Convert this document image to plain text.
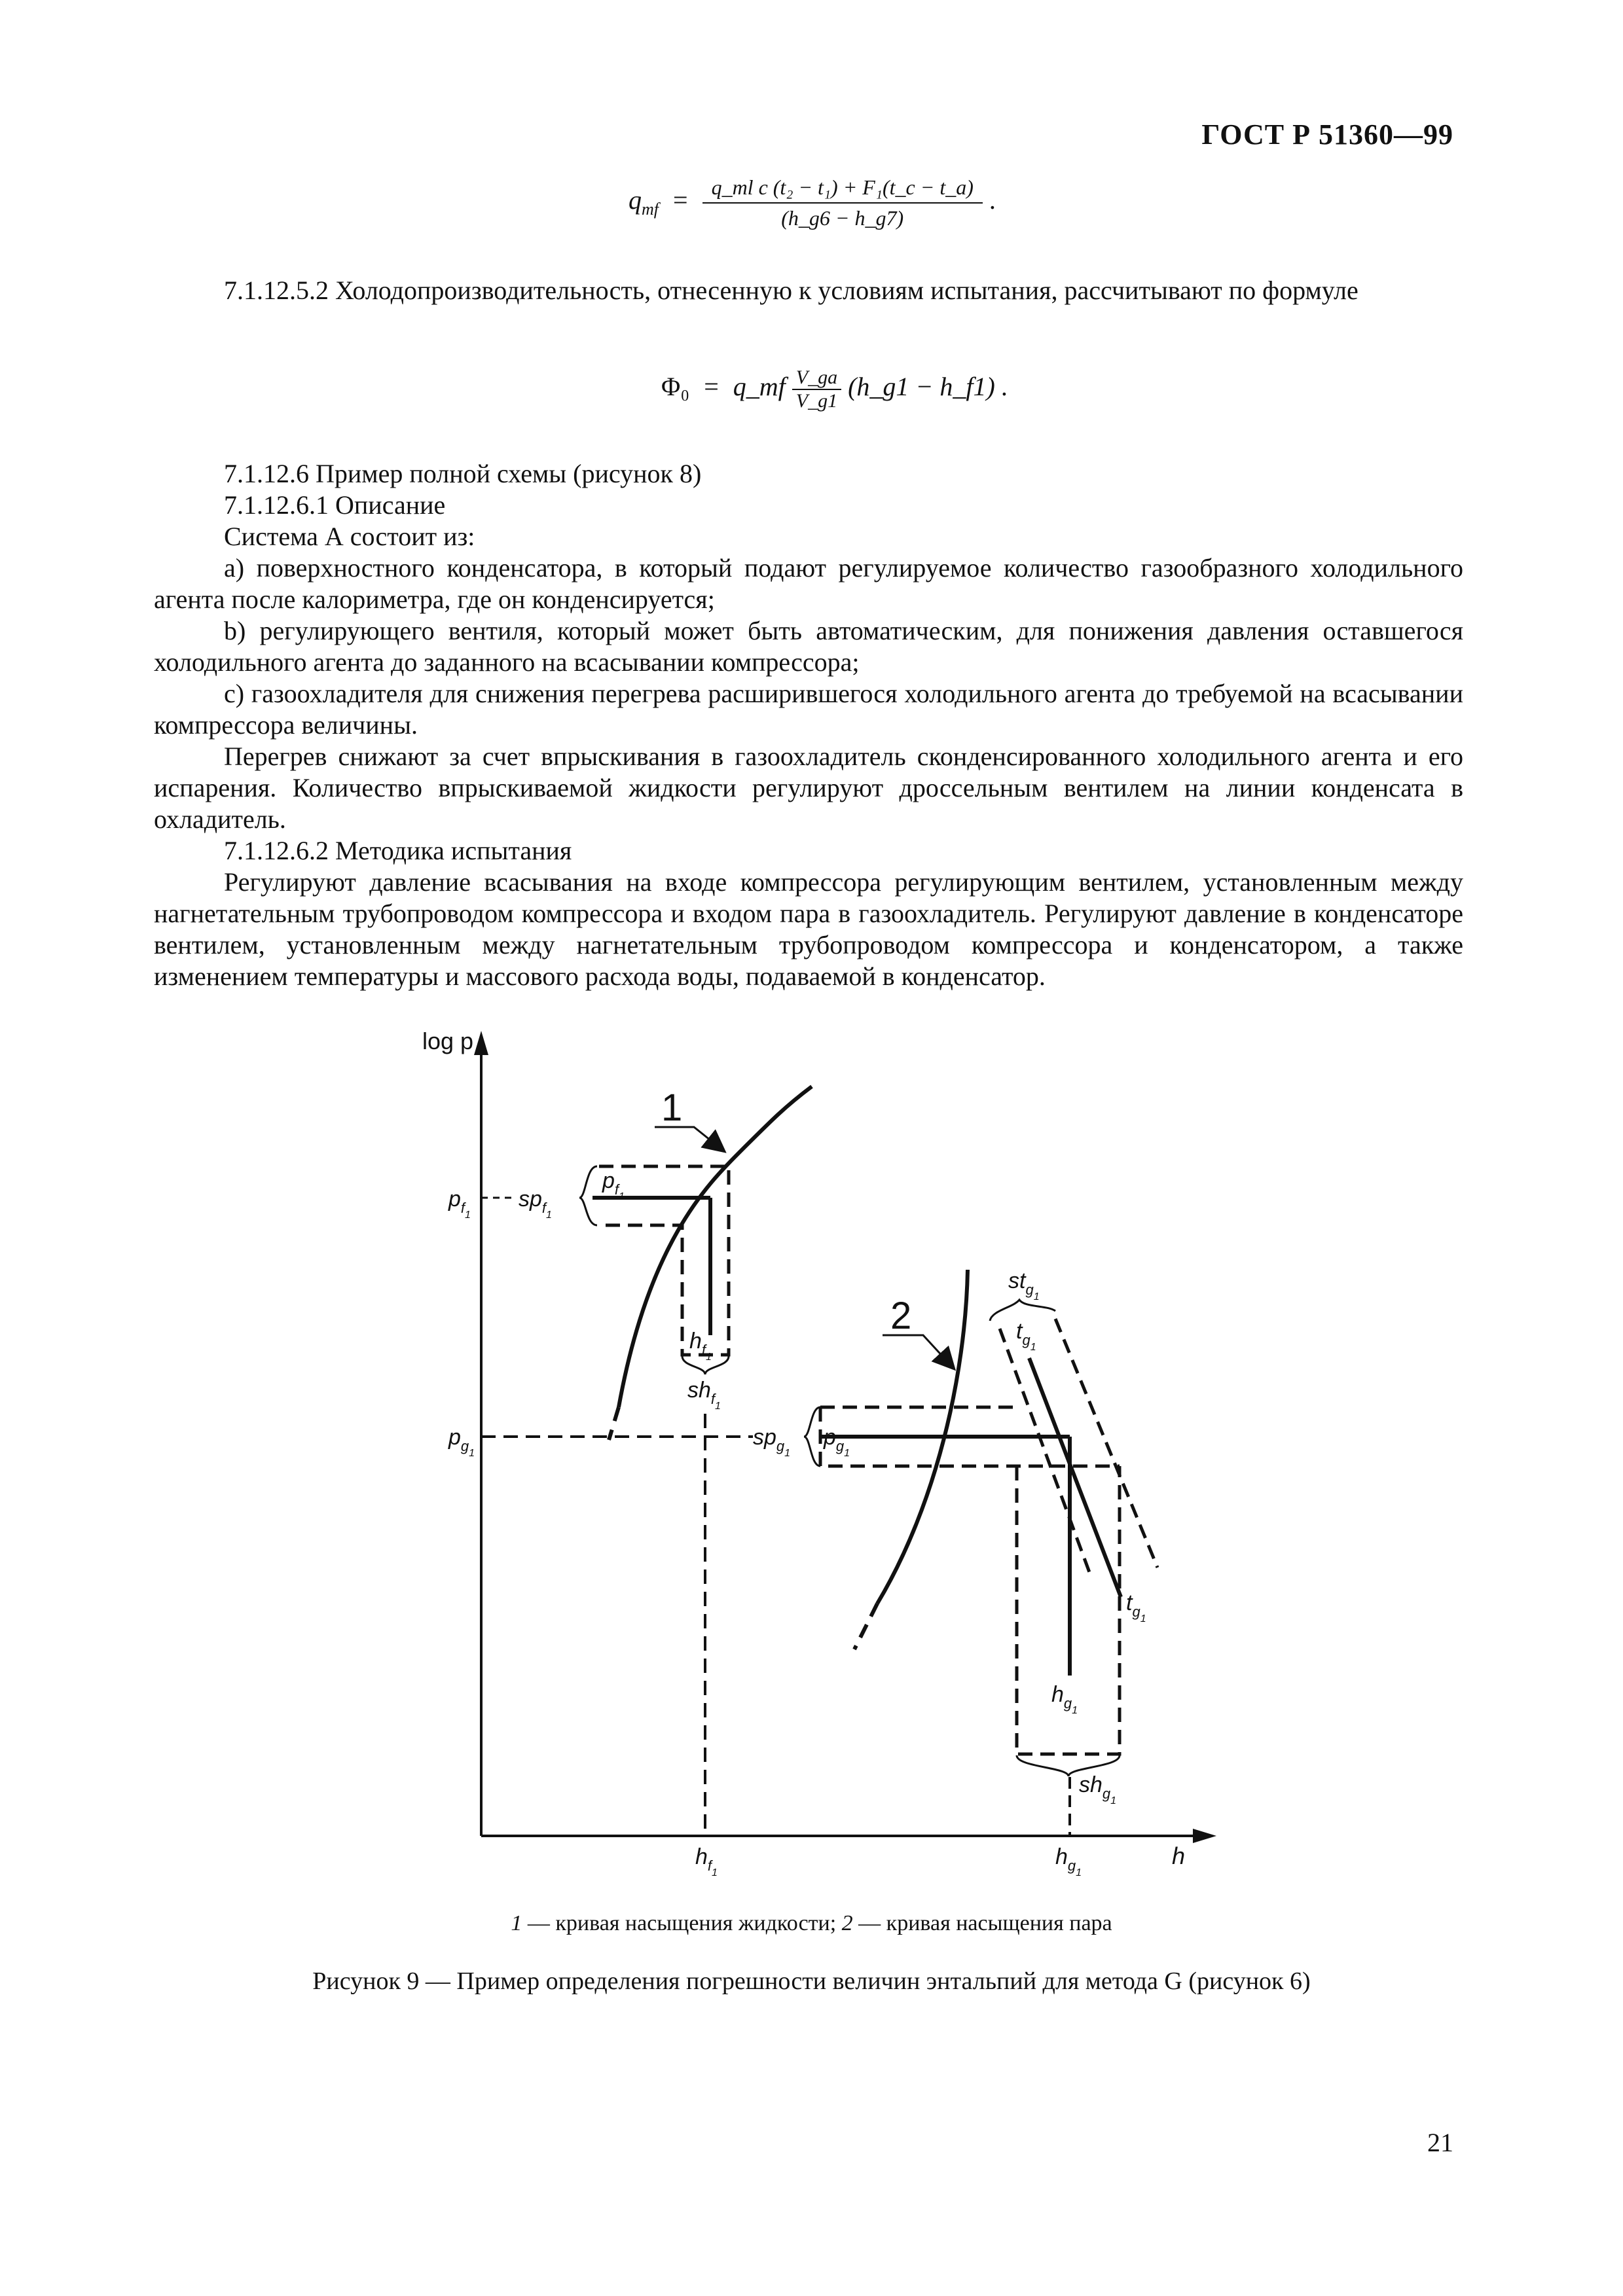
ГОСТ Р 51360—99
$q_{mf} = \frac{\text{q\_ml c (t₂ − t₁) + F₁(t\_c − t\_a)}}{(h\_g6 - h\_g7)}$ .

7.1.12.5.2 Холодопроизводительность, отнесенную к условиям испытания, рассчитывают по формуле

Φ₀ = q_mf $\frac{V\_ga}{V\_g1}$ (h_g1 − h_f1) .

7.1.12.6 Пример полной схемы (рисунок 8)

7.1.12.6.1 Описание

Система А состоит из:

а) поверхностного конденсатора, в который подают регулируемое количество газообразного холодильного агента после калориметра, где он конденсируется;

b) регулирующего вентиля, который может быть автоматическим, для понижения давления оставшегося холодильного агента до заданного на всасывании компрессора;

с) газоохладителя для снижения перегрева расширившегося холодильного агента до требуемой на всасывании компрессора величины.

Перегрев снижают за счет впрыскивания в газоохладитель сконденсированного холодильного агента и его испарения. Количество впрыскиваемой жидкости регулируют дроссельным вентилем на линии конденсата в охладитель.

7.1.12.6.2 Методика испытания

Регулируют давление всасывания на входе компрессора регулирующим вентилем, установленным между нагнетательным трубопроводом компрессора и входом пара в газоохладитель. Регулируют давление в конденсаторе вентилем, установленным между нагнетательным трубопроводом компрессора и конденсатором, а также изменением температуры и массового расхода воды, подаваемой в конденсатор.

log p
h
1
2
$p_{f1}$
$sp_{f1}$
$p_{f1}$
$h_{f1}$
$sh_{f1}$
$p_{g1}$
$sp_{g1}$
$p_{g1}$
$st_{g1}$
$t_{g1}$
$t_{g1}$
$h_{g1}$
$sh_{g1}$
$h_{f1}$
$h_{g1}$
1 — кривая насыщения жидкости; 2 — кривая насыщения пара
Рисунок 9 — Пример определения погрешности величин энтальпий для метода G (рисунок 6)
21
